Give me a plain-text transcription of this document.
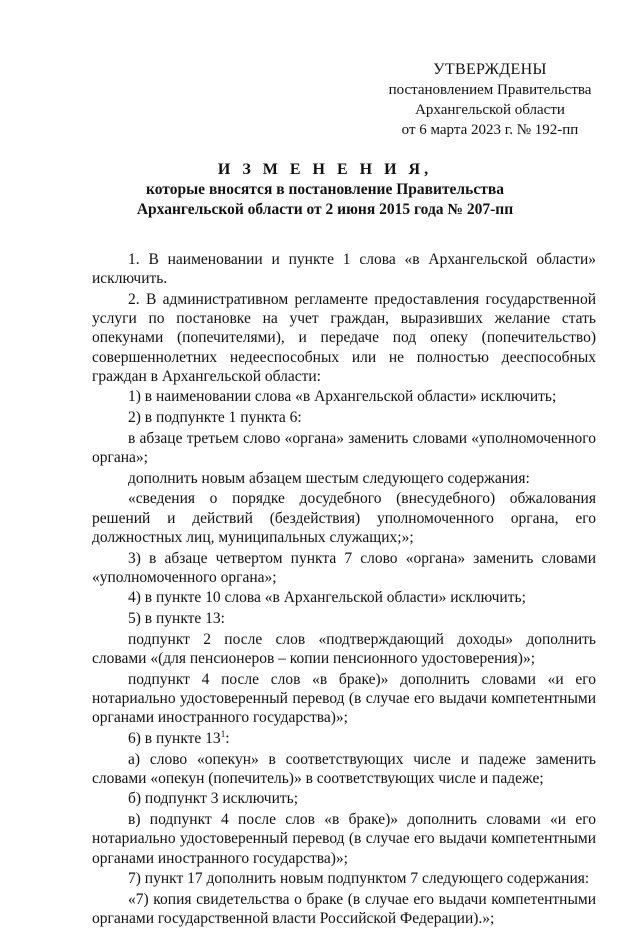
УТВЕРЖДЕНЫ
постановлением Правительства
Архангельской области
от 6 марта 2023 г. № 192-пп
И З М Е Н Е Н И Я,
которые вносятся в постановление Правительства
Архангельской области от 2 июня 2015 года № 207-пп

1. В наименовании и пункте 1 слова «в Архангельской области» исключить.

2. В административном регламенте предоставления государственной услуги по постановке на учет граждан, выразивших желание стать опекунами (попечителями), и передаче под опеку (попечительство) совершеннолетних недееспособных или не полностью дееспособных граждан в Архангельской области:

1) в наименовании слова «в Архангельской области» исключить;

2) в подпункте 1 пункта 6:

в абзаце третьем слово «органа» заменить словами «уполномоченного органа»;

дополнить новым абзацем шестым следующего содержания:

«сведения о порядке досудебного (внесудебного) обжалования решений и действий (бездействия) уполномоченного органа, его должностных лиц, муниципальных служащих;»;

3) в абзаце четвертом пункта 7 слово «органа» заменить словами «уполномоченного органа»;

4) в пункте 10 слова «в Архангельской области» исключить;

5) в пункте 13:

подпункт 2 после слов «подтверждающий доходы» дополнить словами «(для пенсионеров – копии пенсионного удостоверения)»;

подпункт 4 после слов «в браке)» дополнить словами «и его нотариально удостоверенный перевод (в случае его выдачи компетентными органами иностранного государства)»;

6) в пункте $13^1$:

а) слово «опекун» в соответствующих числе и падеже заменить словами «опекун (попечитель)» в соответствующих числе и падеже;

б) подпункт 3 исключить;

в) подпункт 4 после слов «в браке)» дополнить словами «и его нотариально удостоверенный перевод (в случае его выдачи компетентными органами иностранного государства)»;

7) пункт 17 дополнить новым подпунктом 7 следующего содержания:

«7) копия свидетельства о браке (в случае его выдачи компетентными органами государственной власти Российской Федерации).»;
